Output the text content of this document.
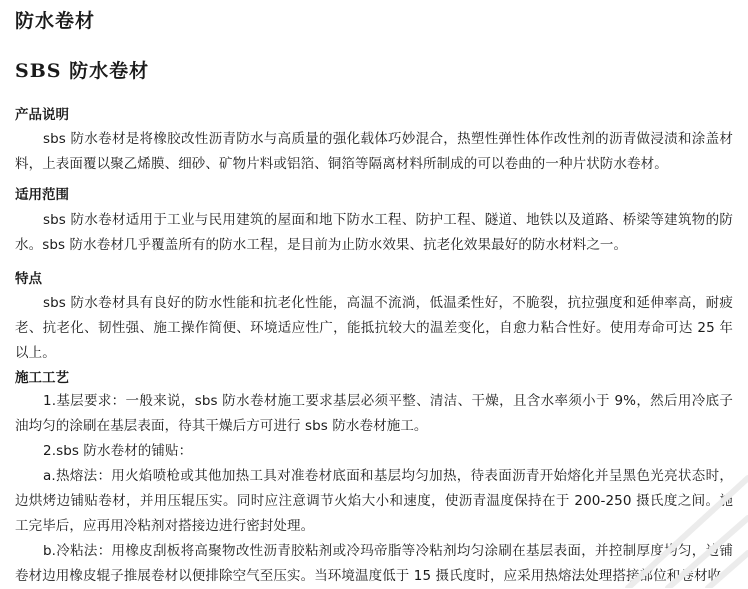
防水卷材
SBS 防水卷材
产品说明

sbs 防水卷材是将橡胶改性沥青防水与高质量的强化载体巧妙混合，热塑性弹性体作改性剂的沥青做浸渍和涂盖材料，上表面覆以聚乙烯膜、细砂、矿物片料或铝箔、铜箔等隔离材料所制成的可以卷曲的一种片状防水卷材。

适用范围

sbs 防水卷材适用于工业与民用建筑的屋面和地下防水工程、防护工程、隧道、地铁以及道路、桥梁等建筑物的防水。sbs 防水卷材几乎覆盖所有的防水工程，是目前为止防水效果、抗老化效果最好的防水材料之一。

特点

sbs 防水卷材具有良好的防水性能和抗老化性能，高温不流淌，低温柔性好，不脆裂，抗拉强度和延伸率高，耐疲老、抗老化、韧性强、施工操作简便、环境适应性广，能抵抗较大的温差变化，自愈力粘合性好。使用寿命可达 25 年以上。

施工工艺

1.基层要求：一般来说，sbs 防水卷材施工要求基层必须平整、清洁、干燥，且含水率须小于 9%，然后用冷底子油均匀的涂刷在基层表面，待其干燥后方可进行 sbs 防水卷材施工。

2.sbs 防水卷材的铺贴：

a.热熔法：用火焰喷枪或其他加热工具对准卷材底面和基层均匀加热，待表面沥青开始熔化并呈黑色光亮状态时，边烘烤边铺贴卷材，并用压辊压实。同时应注意调节火焰大小和速度，使沥青温度保持在于 200-250 摄氏度之间。施工完毕后，应再用冷粘剂对搭接边进行密封处理。

b.冷粘法：用橡皮刮板将高聚物改性沥青胶粘剂或冷玛帝脂等冷粘剂均匀涂刷在基层表面，并控制厚度均匀，边铺卷材边用橡皮辊子推展卷材以便排除空气至压实。当环境温度低于 15 摄氏度时，应采用热熔法处理搭接部位和卷材收
